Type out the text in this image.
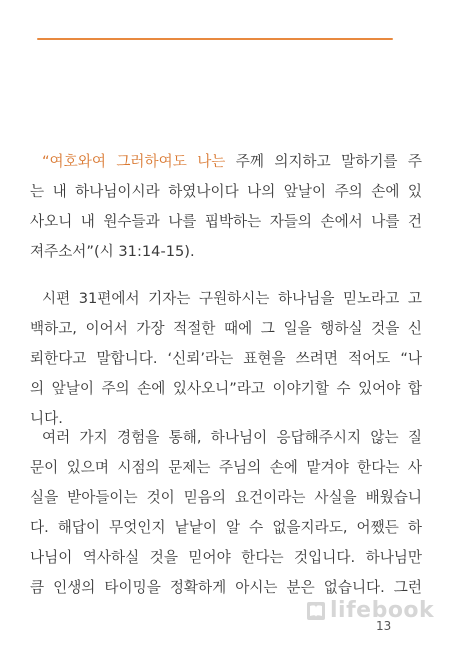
“여호와여 그러하여도 나는 주께 의지하고 말하기를 주
는 내 하나님이시라 하였나이다 나의 앞날이 주의 손에 있
사오니 내 원수들과 나를 핍박하는 자들의 손에서 나를 건
져주소서”(시 31:14-15).
시편 31편에서 기자는 구원하시는 하나님을 믿노라고 고
백하고, 이어서 가장 적절한 때에 그 일을 행하실 것을 신
뢰한다고 말합니다. ‘신뢰’라는 표현을 쓰려면 적어도 “나
의 앞날이 주의 손에 있사오니”라고 이야기할 수 있어야 합
니다.
여러 가지 경험을 통해, 하나님이 응답해주시지 않는 질
문이 있으며 시점의 문제는 주님의 손에 맡겨야 한다는 사
실을 받아들이는 것이 믿음의 요건이라는 사실을 배웠습니
다. 해답이 무엇인지 낱낱이 알 수 없을지라도, 어쨌든 하
나님이 역사하실 것을 믿어야 한다는 것입니다. 하나님만
큼 인생의 타이밍을 정확하게 아시는 분은 없습니다. 그런
lifebook
13
